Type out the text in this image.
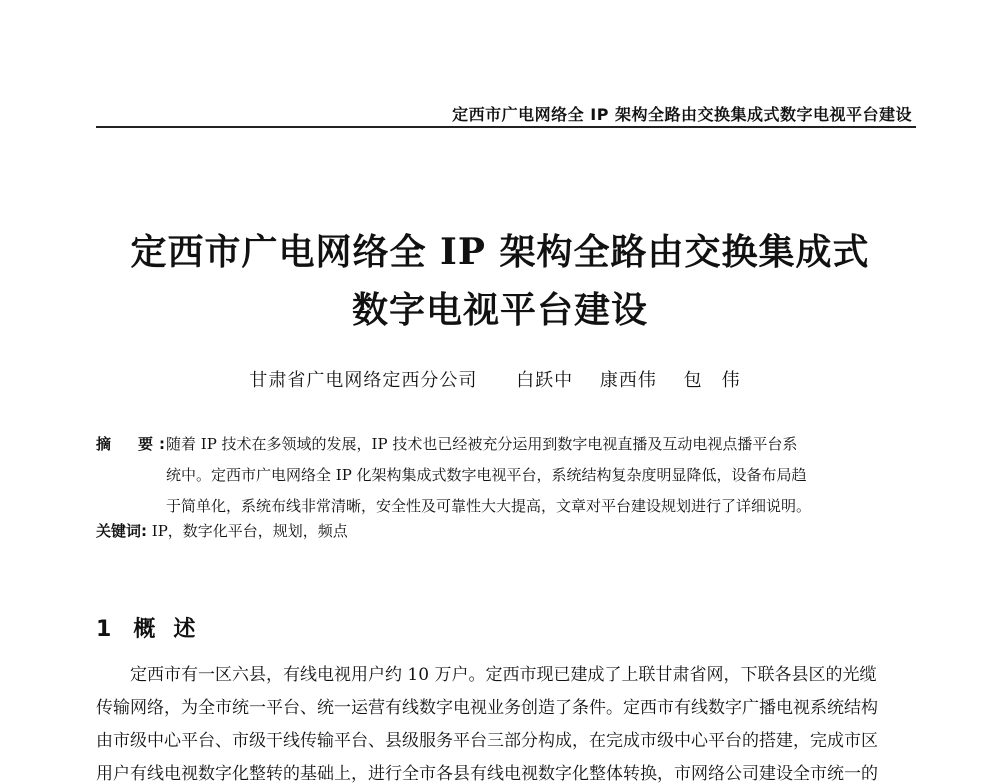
定西市广电网络全 IP 架构全路由交换集成式数字电视平台建设
定西市广电网络全 IP 架构全路由交换集成式
数字电视平台建设
甘肃省广电网络定西分公司 白跃中 康西伟 包　伟
摘　要:
随着 IP 技术在多领域的发展，IP 技术也已经被充分运用到数字电视直播及互动电视点播平台系
统中。定西市广电网络全 IP 化架构集成式数字电视平台，系统结构复杂度明显降低，设备布局趋
于简单化，系统布线非常清晰，安全性及可靠性大大提高，文章对平台建设规划进行了详细说明。
关键词: IP，数字化平台，规划，频点
1 概述
定西市有一区六县，有线电视用户约 10 万户。定西市现已建成了上联甘肃省网，下联各县区的光缆
传输网络，为全市统一平台、统一运营有线数字电视业务创造了条件。定西市有线数字广播电视系统结构
由市级中心平台、市级干线传输平台、县级服务平台三部分构成，在完成市级中心平台的搭建，完成市区
用户有线电视数字化整转的基础上，进行全市各县有线电视数字化整体转换，市网络公司建设全市统一的
